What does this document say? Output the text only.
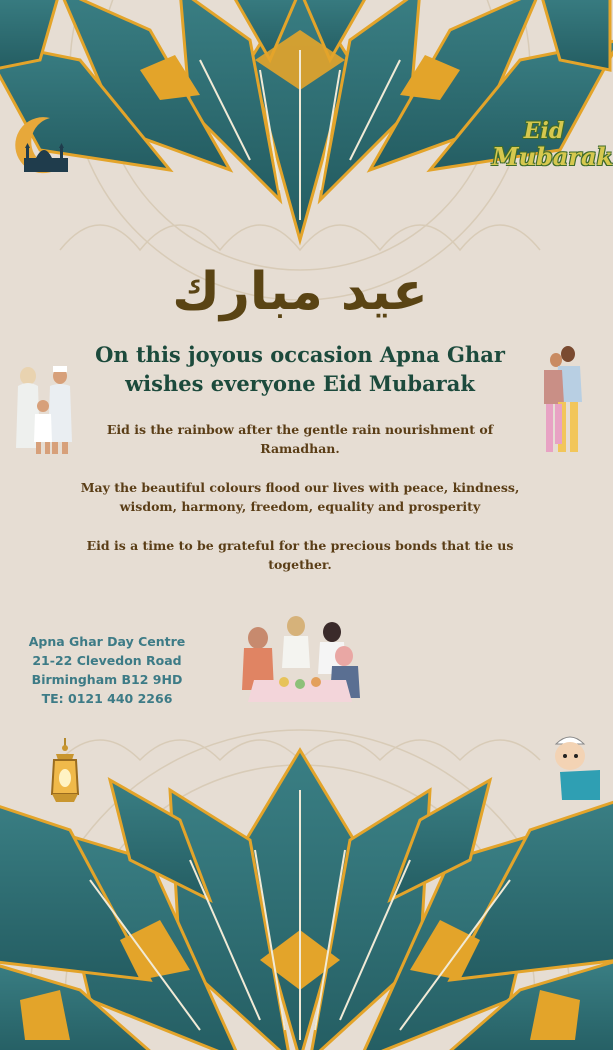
Eid
Mubarak
عيد مبارك
On this joyous occasion Apna Ghar
wishes everyone Eid Mubarak
Eid is the rainbow after the gentle rain nourishment of Ramadhan.
May the beautiful colours flood our lives with peace, kindness, wisdom, harmony, freedom, equality and prosperity
Eid is a time to be grateful for the precious bonds that tie us together.
Apna Ghar Day Centre
21-22 Clevedon Road
Birmingham B12 9HD
TE: 0121 440 2266
